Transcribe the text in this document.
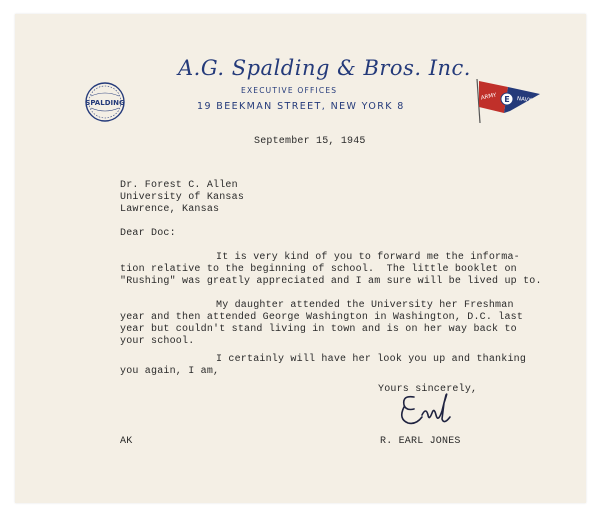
SPALDING
A.G. Spalding & Bros. Inc.
EXECUTIVE OFFICES
19 BEEKMAN STREET, NEW YORK 8
E
ARMY	NAVY
September 15, 1945
Dr. Forest C. Allen
University of Kansas
Lawrence, Kansas
Dear Doc:
It is very kind of you to forward me the informa-
tion relative to the beginning of school.  The little booklet on
"Rushing" was greatly appreciated and I am sure will be lived up to.
My daughter attended the University her Freshman
year and then attended George Washington in Washington, D.C. last
year but couldn't stand living in town and is on her way back to
your school.
I certainly will have her look you up and thanking
you again, I am,
Yours sincerely,
AK	R. EARL JONES
